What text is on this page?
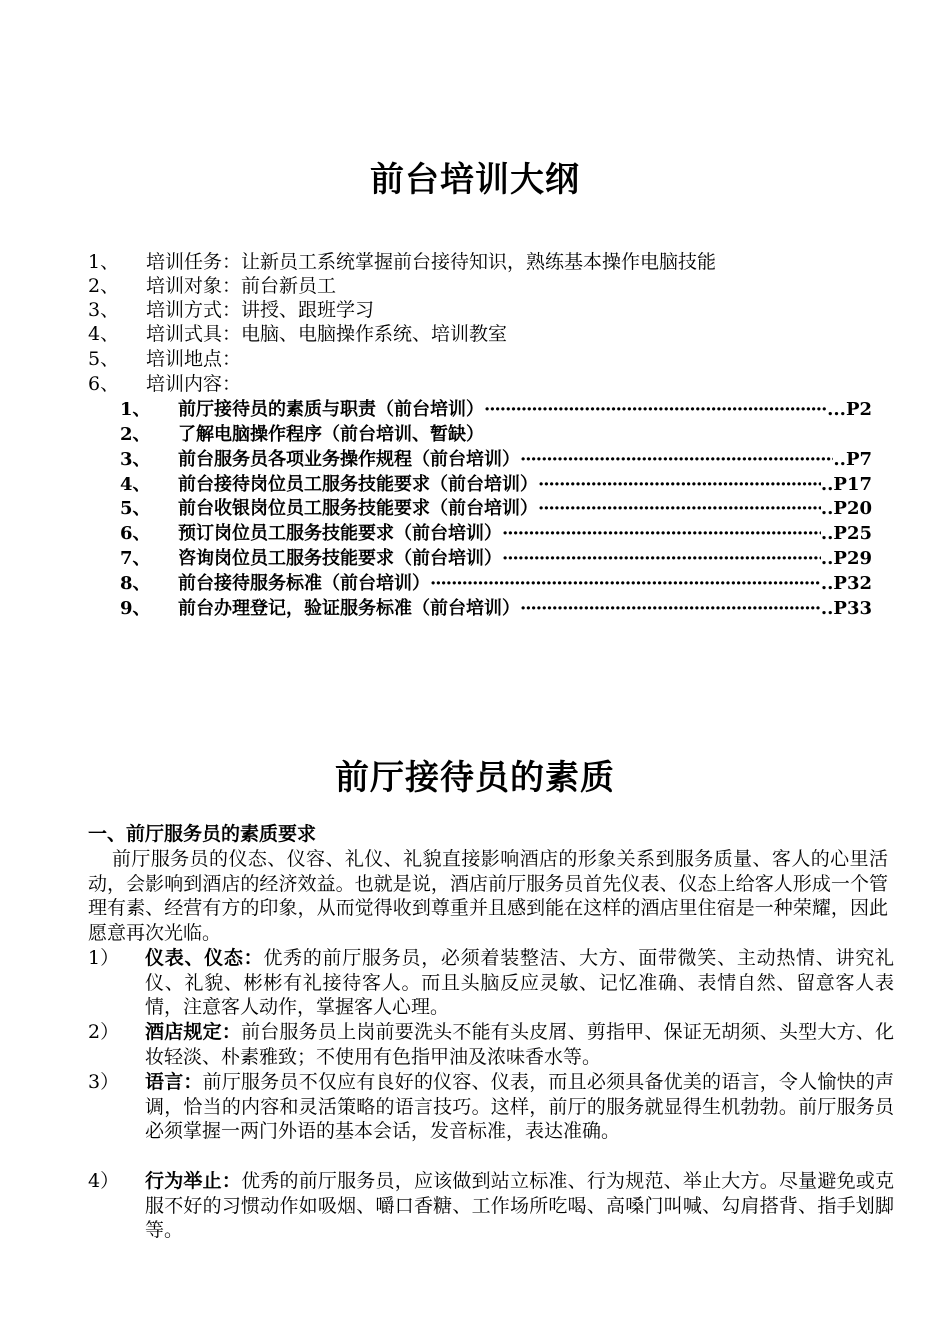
前台培训大纲
1、 培训任务：让新员工系统掌握前台接待知识，熟练基本操作电脑技能
2、 培训对象：前台新员工
3、 培训方式：讲授、跟班学习
4、 培训式具：电脑、电脑操作系统、培训教室
5、 培训地点：
6、 培训内容：
1、	前厅接待员的素质与职责（前台培训） ·····	...P2
2、	了解电脑操作程序（前台培训、暂缺）
3、	前台服务员各项业务操作规程（前台培训） ·····	..P7
4、	前台接待岗位员工服务技能要求（前台培训） ·····	..P17
5、	前台收银岗位员工服务技能要求（前台培训） ·····	..P20
6、	预订岗位员工服务技能要求（前台培训） ·····	..P25
7、	咨询岗位员工服务技能要求（前台培训） ·····	..P29
8、	前台接待服务标准（前台培训） ·····	..P32
9、	前台办理登记，验证服务标准（前台培训） ·····	..P33
前厅接待员的素质
一、前厅服务员的素质要求
前厅服务员的仪态、仪容、礼仪、礼貌直接影响酒店的形象关系到服务质量、客人的心里活动，会影响到酒店的经济效益。也就是说，酒店前厅服务员首先仪表、仪态上给客人形成一个管理有素、经营有方的印象，从而觉得收到尊重并且感到能在这样的酒店里住宿是一种荣耀，因此愿意再次光临。
1） 仪表、仪态：优秀的前厅服务员，必须着装整洁、大方、面带微笑、主动热情、讲究礼仪、礼貌、彬彬有礼接待客人。而且头脑反应灵敏、记忆准确、表情自然、留意客人表情，注意客人动作，掌握客人心理。
2） 酒店规定：前台服务员上岗前要洗头不能有头皮屑、剪指甲、保证无胡须、头型大方、化妆轻淡、朴素雅致；不使用有色指甲油及浓味香水等。
3） 语言：前厅服务员不仅应有良好的仪容、仪表，而且必须具备优美的语言，令人愉快的声调，恰当的内容和灵活策略的语言技巧。这样，前厅的服务就显得生机勃勃。前厅服务员必须掌握一两门外语的基本会话，发音标准，表达准确。
4） 行为举止：优秀的前厅服务员，应该做到站立标准、行为规范、举止大方。尽量避免或克服不好的习惯动作如吸烟、嚼口香糖、工作场所吃喝、高嗓门叫喊、勾肩搭背、指手划脚等。
